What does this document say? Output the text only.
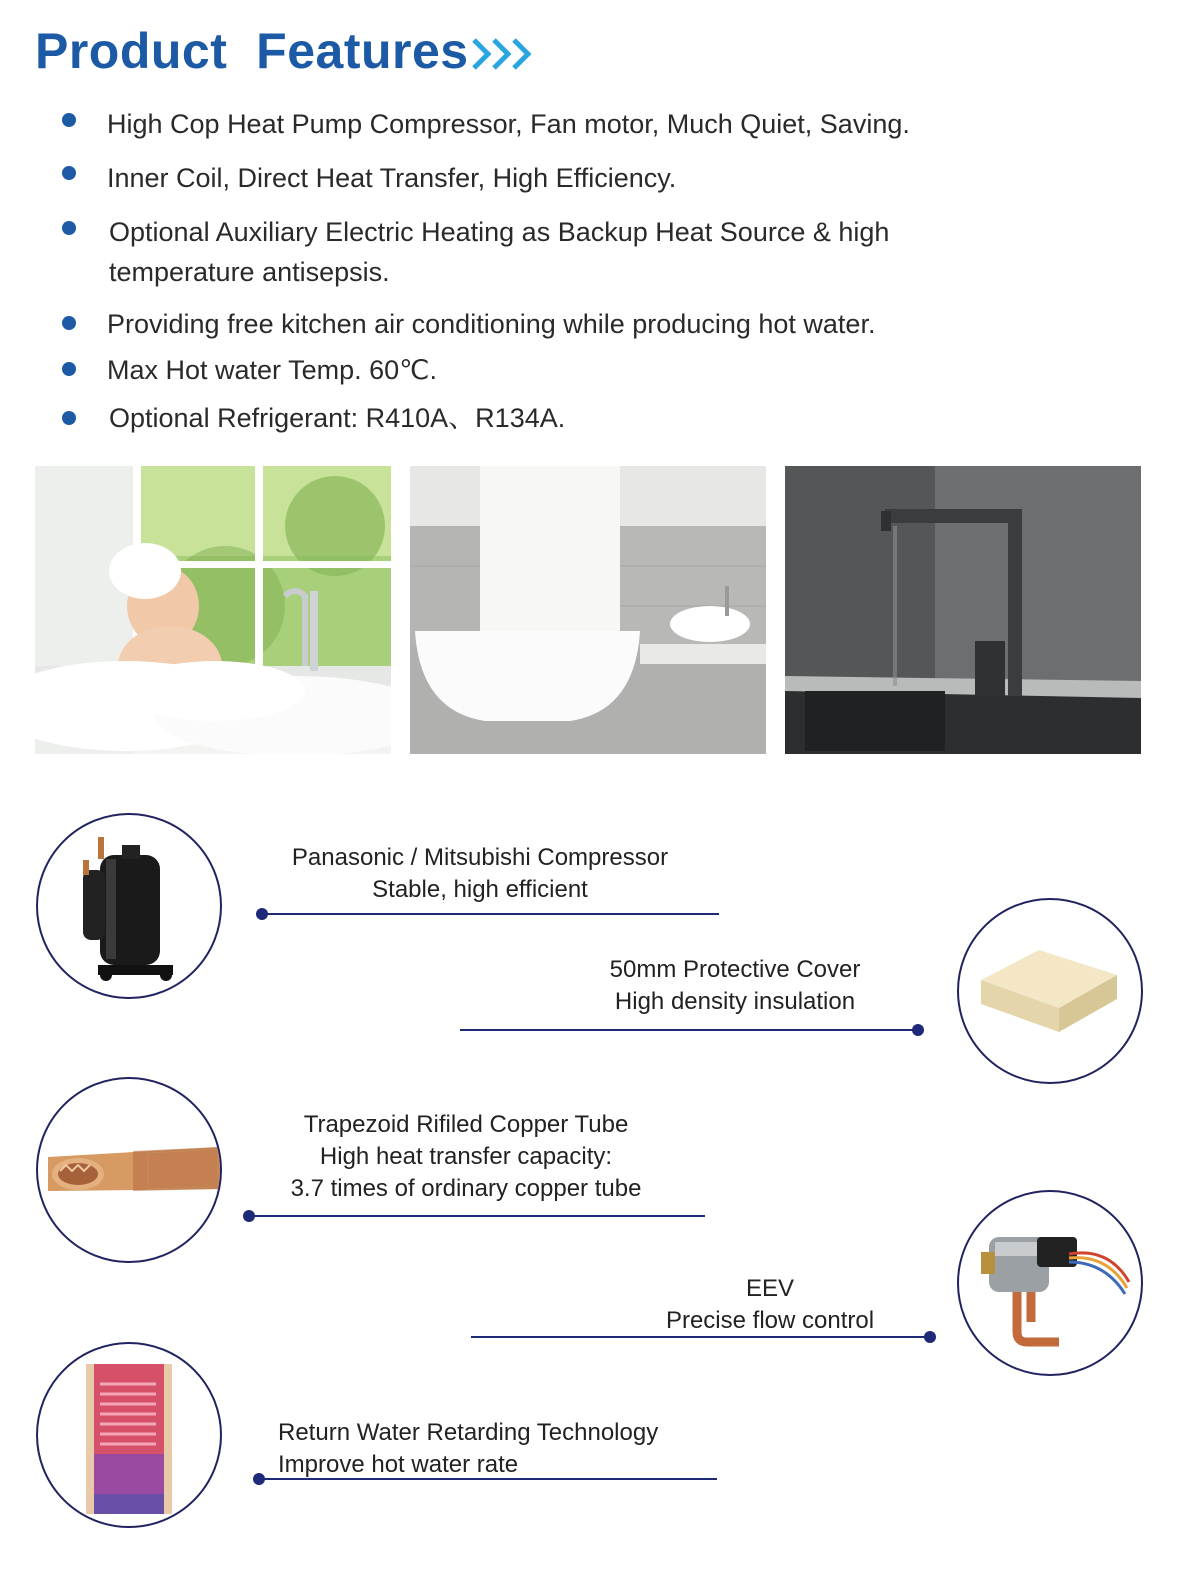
Product  Features
High Cop Heat Pump Compressor, Fan motor, Much Quiet, Saving.
Inner Coil, Direct Heat Transfer, High Efficiency.
Optional Auxiliary Electric Heating as Backup Heat Source & high
temperature antisepsis.
Providing free kitchen air conditioning while producing hot water.
Max Hot water Temp. 60℃.
Optional Refrigerant: R410A、R134A.
Panasonic / Mitsubishi Compressor
Stable, high efficient
50mm Protective Cover
High density insulation
Trapezoid Rifiled Copper Tube
High heat transfer capacity:
3.7 times of ordinary copper tube
EEV
Precise flow control
Return Water Retarding Technology
Improve hot water rate
